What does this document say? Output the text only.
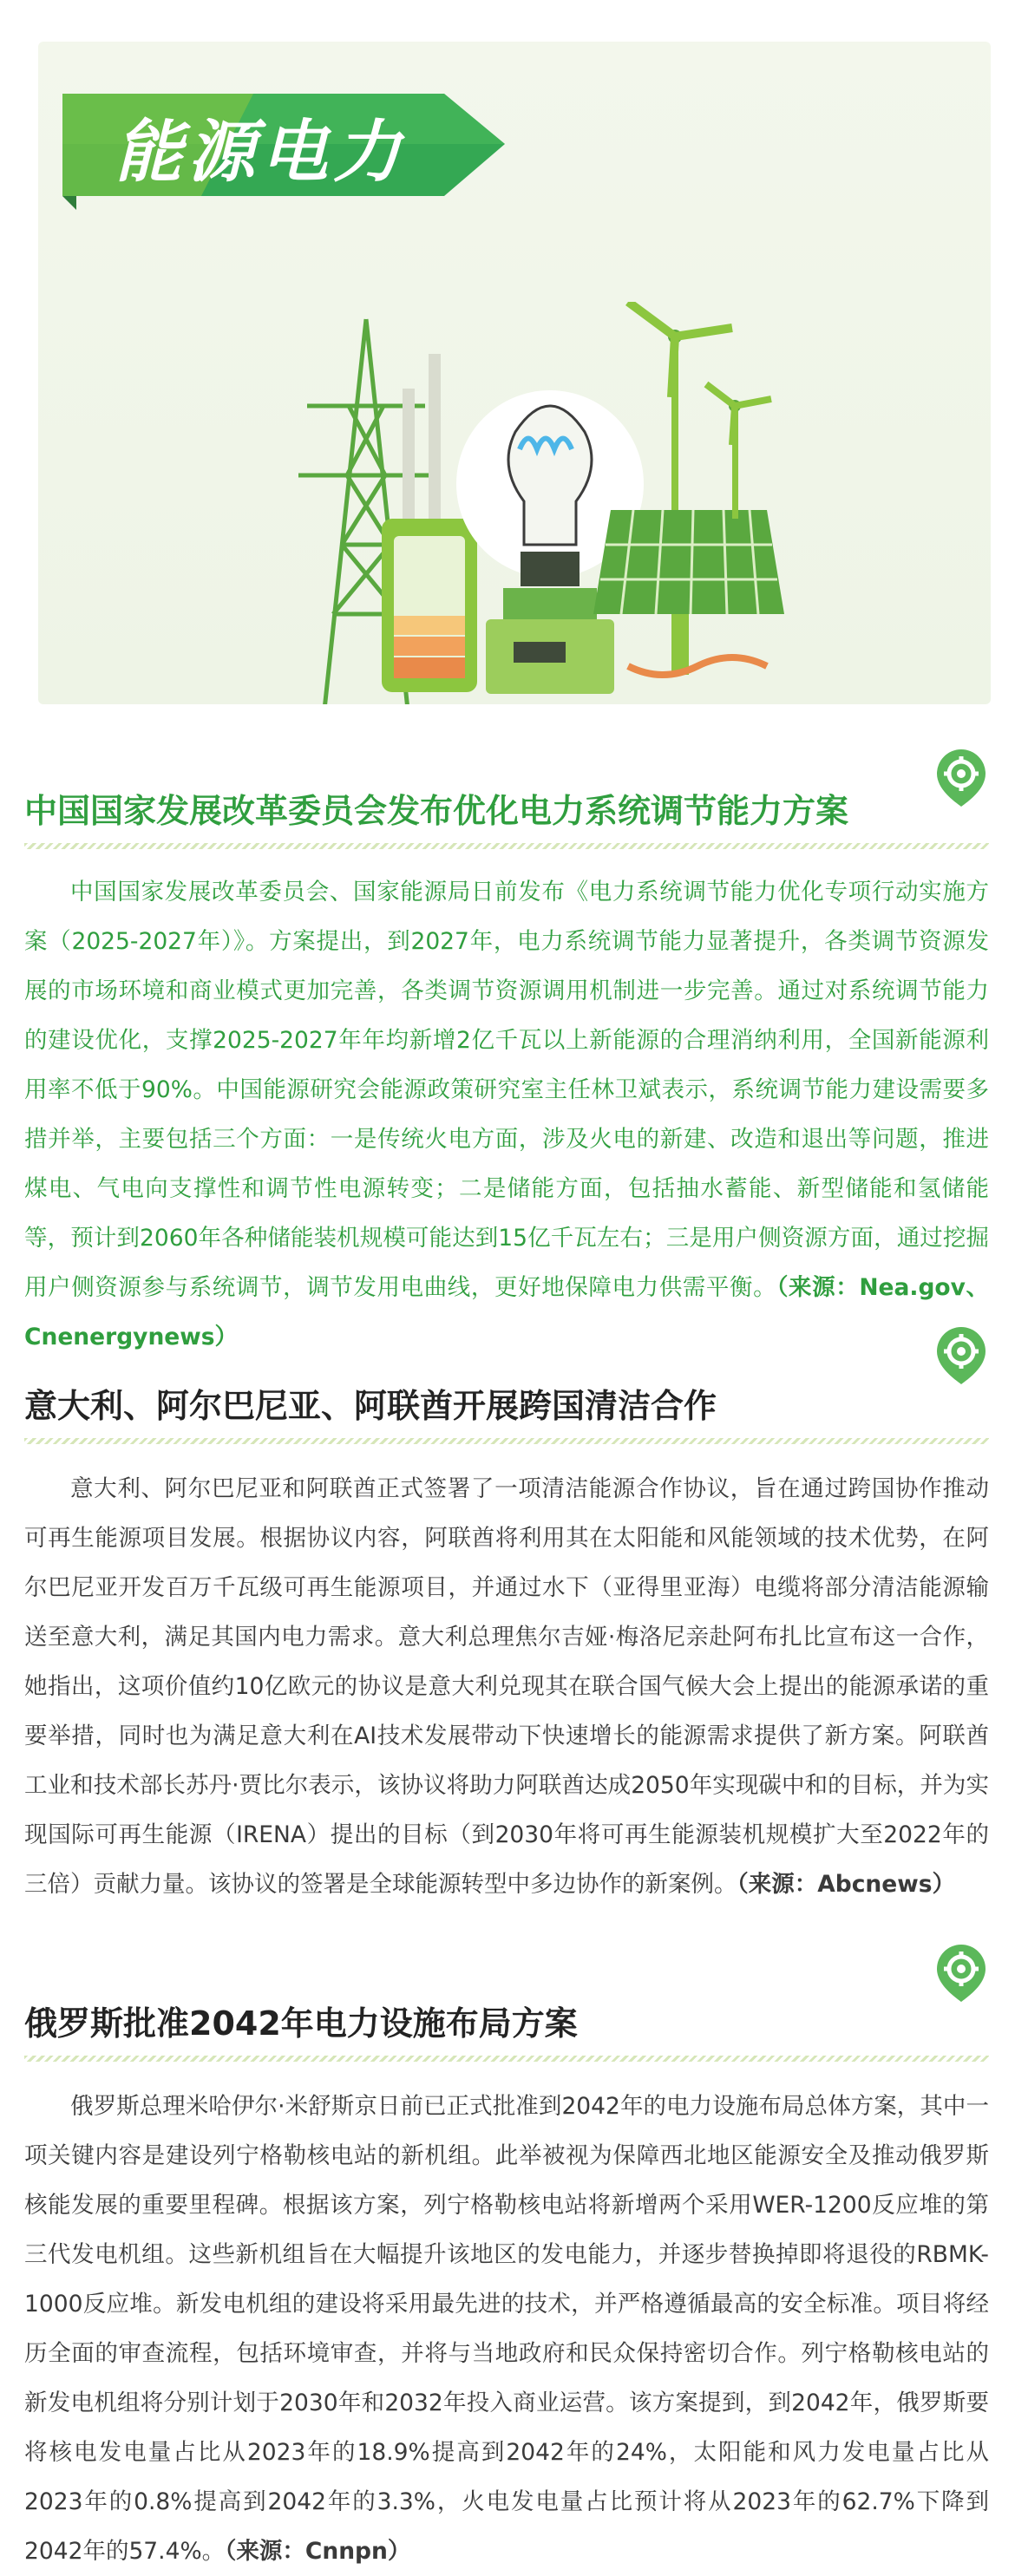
能源电力
中国国家发展改革委员会发布优化电力系统调节能力方案

中国国家发展改革委员会、国家能源局日前发布《电力系统调节能力优化专项行动实施方案（2025-2027年）》。方案提出，到2027年，电力系统调节能力显著提升，各类调节资源发展的市场环境和商业模式更加完善，各类调节资源调用机制进一步完善。通过对系统调节能力的建设优化，支撑2025-2027年年均新增2亿千瓦以上新能源的合理消纳利用，全国新能源利用率不低于90%。中国能源研究会能源政策研究室主任林卫斌表示，系统调节能力建设需要多措并举，主要包括三个方面：一是传统火电方面，涉及火电的新建、改造和退出等问题，推进煤电、气电向支撑性和调节性电源转变；二是储能方面，包括抽水蓄能、新型储能和氢储能等，预计到2060年各种储能装机规模可能达到15亿千瓦左右；三是用户侧资源方面，通过挖掘用户侧资源参与系统调节，调节发用电曲线，更好地保障电力供需平衡。（来源：Nea.gov、Cnenergynews）

意大利、阿尔巴尼亚、阿联酋开展跨国清洁合作

意大利、阿尔巴尼亚和阿联酋正式签署了一项清洁能源合作协议，旨在通过跨国协作推动可再生能源项目发展。根据协议内容，阿联酋将利用其在太阳能和风能领域的技术优势，在阿尔巴尼亚开发百万千瓦级可再生能源项目，并通过水下（亚得里亚海）电缆将部分清洁能源输送至意大利，满足其国内电力需求。意大利总理焦尔吉娅·梅洛尼亲赴阿布扎比宣布这一合作，她指出，这项价值约10亿欧元的协议是意大利兑现其在联合国气候大会上提出的能源承诺的重要举措，同时也为满足意大利在AI技术发展带动下快速增长的能源需求提供了新方案。阿联酋工业和技术部长苏丹·贾比尔表示，该协议将助力阿联酋达成2050年实现碳中和的目标，并为实现国际可再生能源（IRENA）提出的目标（到2030年将可再生能源装机规模扩大至2022年的三倍）贡献力量。该协议的签署是全球能源转型中多边协作的新案例。（来源：Abcnews）

俄罗斯批准2042年电力设施布局方案

俄罗斯总理米哈伊尔·米舒斯京日前已正式批准到2042年的电力设施布局总体方案，其中一项关键内容是建设列宁格勒核电站的新机组。此举被视为保障西北地区能源安全及推动俄罗斯核能发展的重要里程碑。根据该方案，列宁格勒核电站将新增两个采用WER-1200反应堆的第三代发电机组。这些新机组旨在大幅提升该地区的发电能力，并逐步替换掉即将退役的RBMK-1000反应堆。新发电机组的建设将采用最先进的技术，并严格遵循最高的安全标准。项目将经历全面的审查流程，包括环境审查，并将与当地政府和民众保持密切合作。列宁格勒核电站的新发电机组将分别计划于2030年和2032年投入商业运营。该方案提到，到2042年，俄罗斯要将核电发电量占比从2023年的18.9%提高到2042年的24%，太阳能和风力发电量占比从2023年的0.8%提高到2042年的3.3%，火电发电量占比预计将从2023年的62.7%下降到2042年的57.4%。（来源：Cnnpn）
